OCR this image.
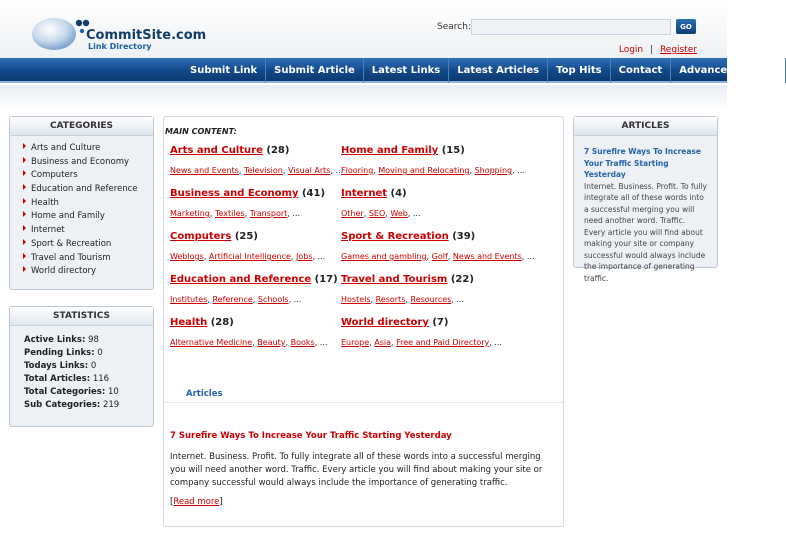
CommitSite.com
Link Directory
Search:	GO
Login | Register
Submit Link	Submit Article	Latest Links	Latest Articles	Top Hits	Contact	Advanced Search
CATEGORIES
Arts and Culture
Business and Economy
Computers
Education and Reference
Health
Home and Family
Internet
Sport & Recreation
Travel and Tourism
World directory
STATISTICS
Active Links: 98
Pending Links: 0
Todays Links: 0
Total Articles: 116
Total Categories: 10
Sub Categories: 219
MAIN CONTENT:
Arts and Culture (28)
News and Events, Television, Visual Arts, ...
Home and Family (15)
Flooring, Moving and Relocating, Shopping, ...
Business and Economy (41)
Marketing, Textiles, Transport, ...
Internet (4)
Other, SEO, Web, ...
Computers (25)
Weblogs, Artificial Intelligence, Jobs, ...
Sport & Recreation (39)
Games and gambling, Golf, News and Events, ...
Education and Reference (17)
Institutes, Reference, Schools, ...
Travel and Tourism (22)
Hostels, Resorts, Resources, ...
Health (28)
Alternative Medicine, Beauty, Books, ...
World directory (7)
Europe, Asia, Free and Paid Directory, ...
Articles
7 Surefire Ways To Increase Your Traffic Starting Yesterday
Internet. Business. Profit. To fully integrate all of these words into a successful merging you will need another word. Traffic. Every article you will find about making your site or company successful would always include the importance of generating traffic.
[Read more]
ARTICLES
7 Surefire Ways To Increase Your Traffic Starting Yesterday
Internet. Business. Profit. To fully integrate all of these words into a successful merging you will need another word. Traffic. Every article you will find about making your site or company successful would always include the importance of generating traffic.
